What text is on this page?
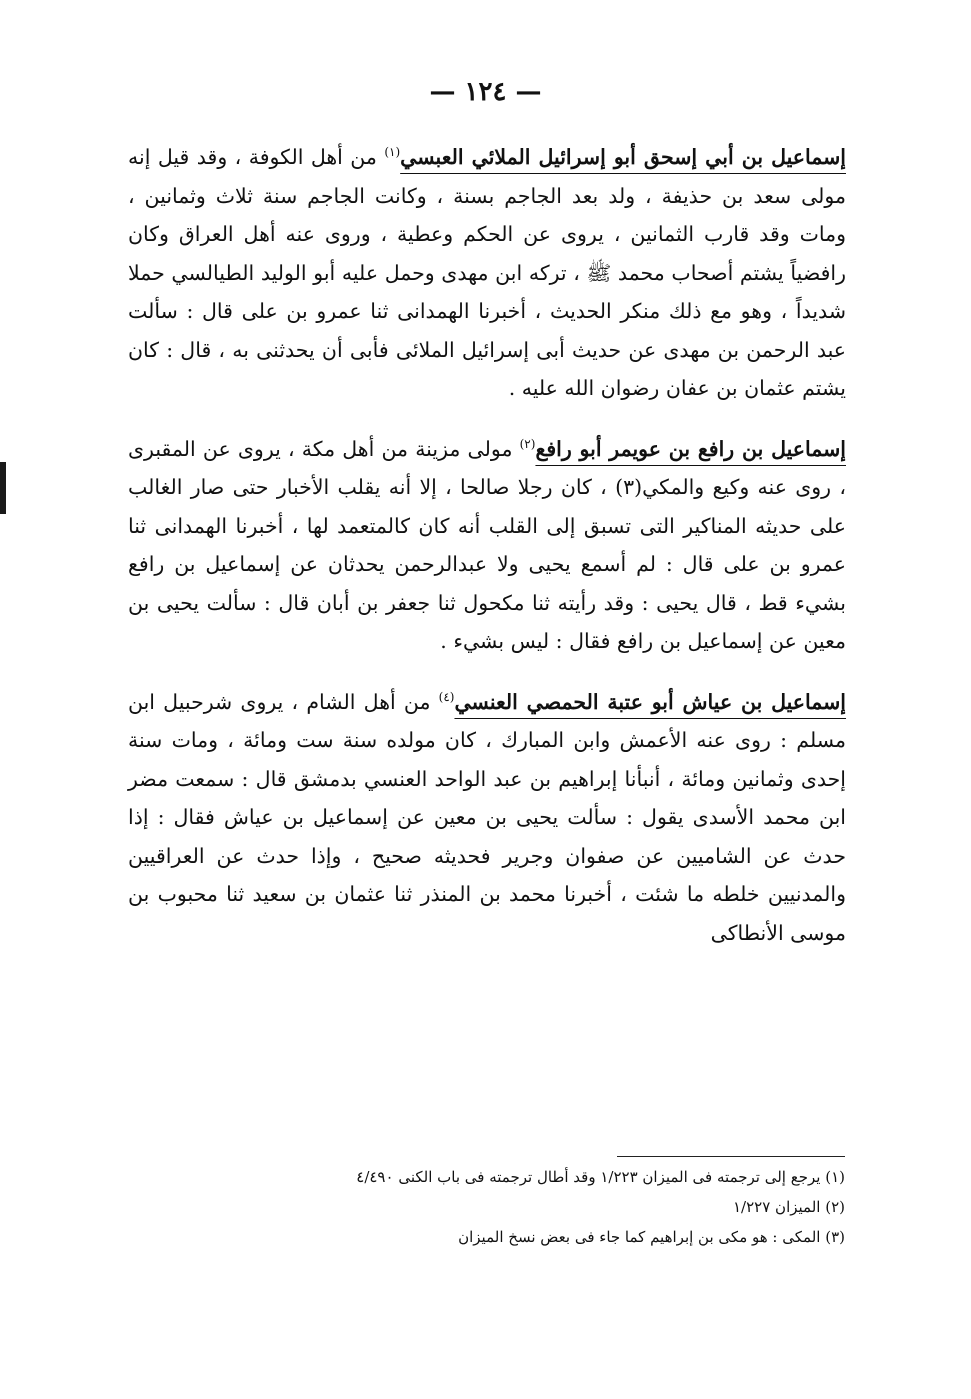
— ١٢٤ —

إسماعيل بن أبي إسحق أبو إسرائيل الملائي العبسي$^{(١)}$ من أهل الكوفة ، وقد قيل إنه مولى سعد بن حذيفة ، ولد بعد الجاجم بسنة ، وكانت الجاجم سنة ثلاث وثمانين ، ومات وقد قارب الثمانين ، يروى عن الحكم وعطية ، وروى عنه أهل العراق وكان رافضياً يشتم أصحاب محمد ﷺ ، تركه ابن مهدى وحمل عليه أبو الوليد الطيالسي حملا شديداً ، وهو مع ذلك منكر الحديث ، أخبرنا الهمدانى ثنا عمرو بن على قال : سألت عبد الرحمن بن مهدى عن حديث أبى إسرائيل الملائى فأبى أن يحدثنى به ، قال : كان يشتم عثمان بن عفان رضوان الله عليه .

إسماعيل بن رافع بن عويمر أبو رافع$^{(٢)}$ مولى مزينة من أهل مكة ، يروى عن المقبرى ، روى عنه وكيع والمكي(٣) ، كان رجلا صالحا ، إلا أنه يقلب الأخبار حتى صار الغالب على حديثه المناكير التى تسبق إلى القلب أنه كان كالمتعمد لها ، أخبرنا الهمدانى ثنا عمرو بن على قال : لم أسمع يحيى ولا عبدالرحمن يحدثان عن إسماعيل بن رافع بشيء قط ، قال يحيى : وقد رأيته ثنا مكحول ثنا جعفر بن أبان قال : سألت يحيى بن معين عن إسماعيل بن رافع فقال : ليس بشيء .

إسماعيل بن عياش أبو عتبة الحمصي العنسي$^{(٤)}$ من أهل الشام ، يروى شرحبيل ابن مسلم : روى عنه الأعمش وابن المبارك ، كان مولده سنة ست ومائة ، ومات سنة إحدى وثمانين ومائة ، أنبأنا إبراهيم بن عبد الواحد العنسي بدمشق قال : سمعت مضر ابن محمد الأسدى يقول : سألت يحيى بن معين عن إسماعيل بن عياش فقال : إذا حدث عن الشاميين عن صفوان وجرير فحديثه صحيح ، وإذا حدث عن العراقيين والمدنيين خلطه ما شئت ، أخبرنا محمد بن المنذر ثنا عثمان بن سعيد ثنا محبوب بن موسى الأنطاكى

(١) يرجع إلى ترجمته فى الميزان ١/٢٢٣ وقد أطال ترجمته فى باب الكنى ٤/٤٩٠

(٢) الميزان ١/٢٢٧

(٣) المكى : هو مكى بن إبراهيم كما جاء فى بعض نسخ الميزان
